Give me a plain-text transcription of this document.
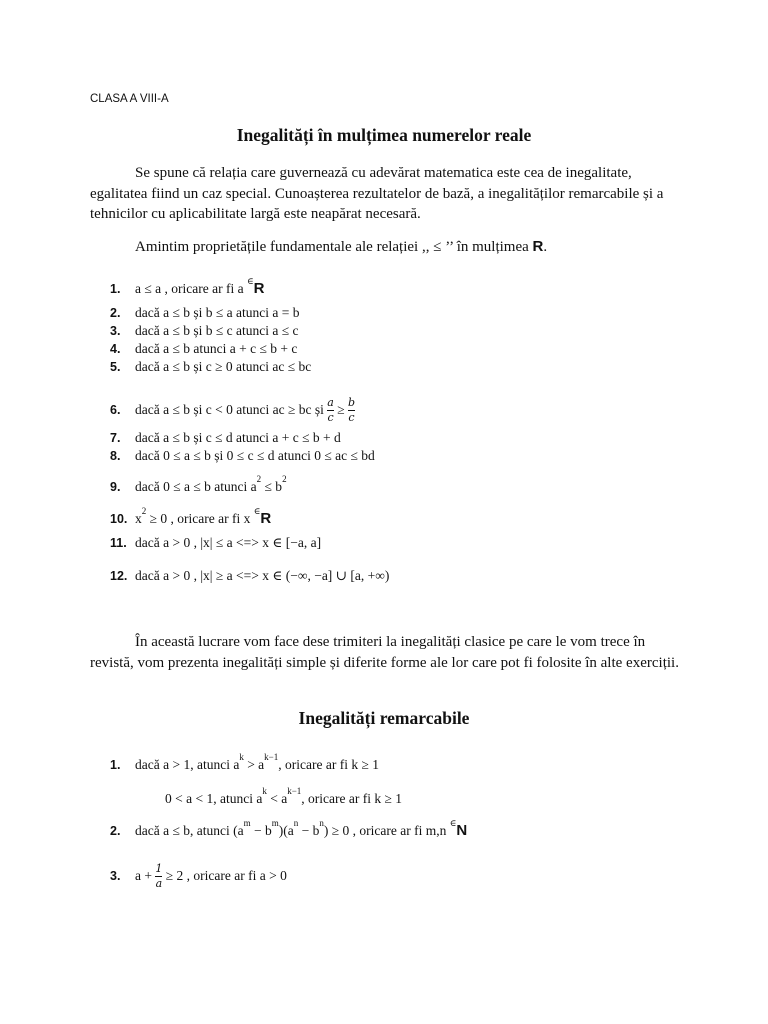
CLASA A VIII-A
Inegalități în mulțimea numerelor reale
Se spune că relația care guvernează cu adevărat matematica este cea de inegalitate, egalitatea fiind un caz special. Cunoașterea rezultatelor de bază, a inegalităților remarcabile și a tehnicilor cu aplicabilitate largă este neapărat necesară.
Amintim proprietățile fundamentale ale relației ,, ≤ ’’ în mulțimea R.
1. a ≤ a , oricare ar fi a ∈R
2. dacă a ≤ b și b ≤ a atunci a = b
3. dacă a ≤ b și b ≤ c atunci a ≤ c
4. dacă a ≤ b atunci a + c ≤ b + c
5. dacă a ≤ b și c ≥ 0 atunci ac ≤ bc
6. dacă a ≤ b și c < 0 atunci ac ≥ bc și $\frac{a}{c} \ge \frac{b}{c}$
7. dacă a ≤ b și c ≤ d atunci a + c ≤ b + d
8. dacă 0 ≤ a ≤ b și 0 ≤ c ≤ d atunci 0 ≤ ac ≤ bd
9. dacă 0 ≤ a ≤ b atunci $a^2 \le b^2$
10. $x^2 \ge 0$ , oricare ar fi x ∈R
11. dacă a > 0 , |x| ≤ a <=> x ∈ [−a, a]
12. dacă a > 0 , |x| ≥ a <=> x ∈ (−∞, −a] ∪ [a, +∞)
În această lucrare vom face dese trimiteri la inegalități clasice pe care le vom trece în revistă, vom prezenta inegalități simple și diferite forme ale lor care pot fi folosite în alte exerciții.
Inegalități remarcabile
1. dacă a > 1, atunci $a^k > a^{k-1}$, oricare ar fi k ≥ 1
0 < a < 1, atunci $a^k < a^{k-1}$, oricare ar fi k ≥ 1
2. dacă a ≤ b, atunci $(a^m - b^m)(a^n - b^n) \ge 0$ , oricare ar fi m,n ∈N
3. $a + \frac{1}{a} \ge 2$ , oricare ar fi a > 0
